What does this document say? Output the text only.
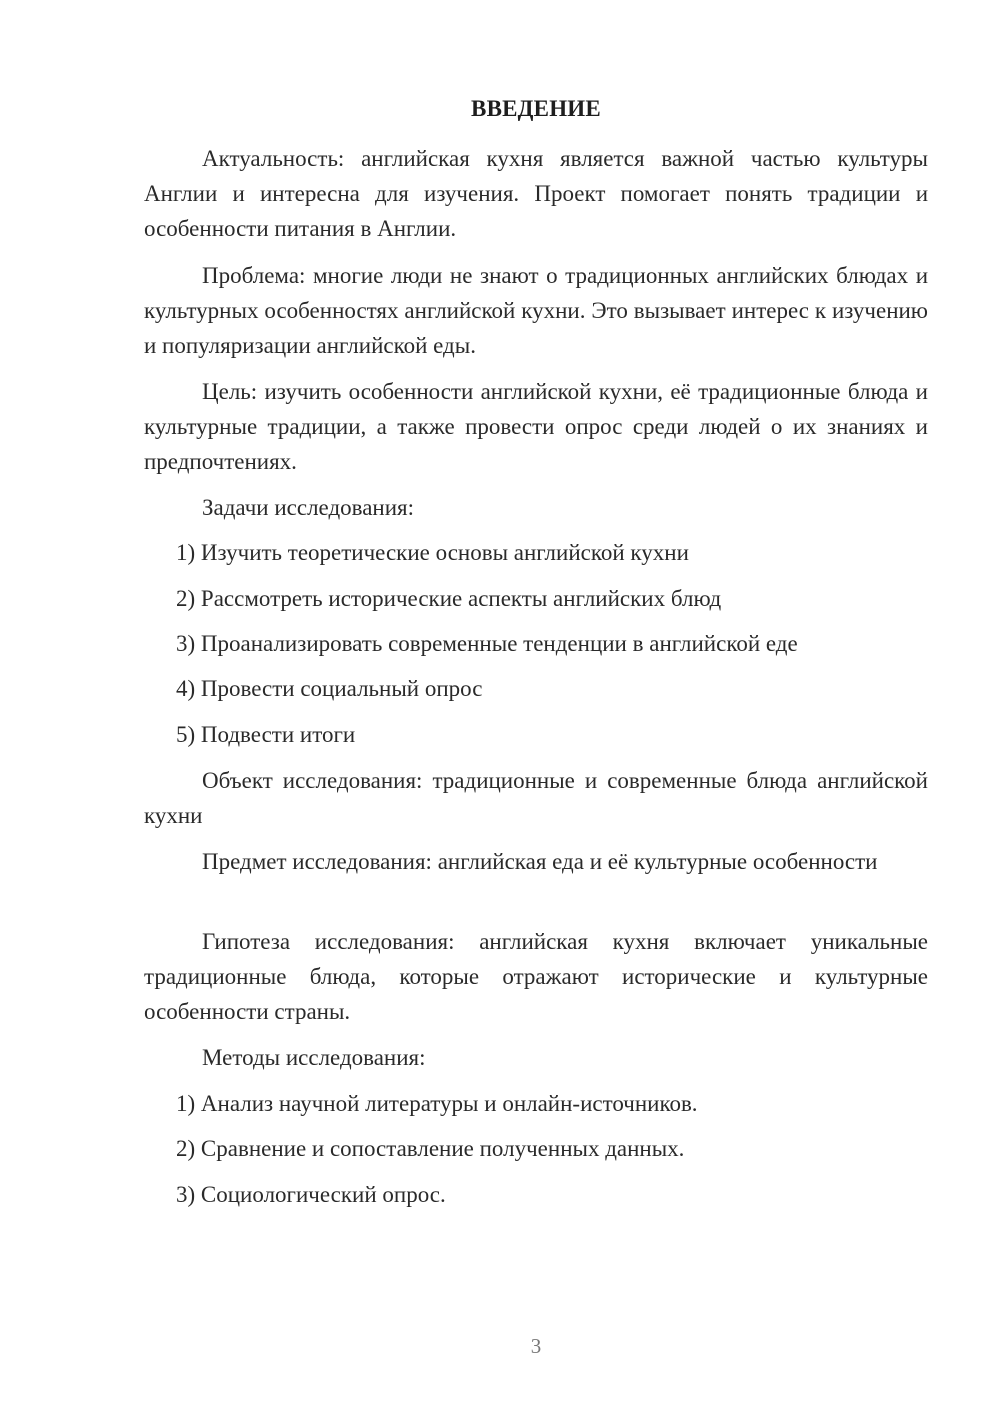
ВВЕДЕНИЕ

Актуальность: английская кухня является важной частью культуры Англии и интересна для изучения. Проект помогает понять традиции и особенности питания в Англии.

Проблема: многие люди не знают о традиционных английских блюдах и культурных особенностях английской кухни. Это вызывает интерес к изучению и популяризации английской еды.

Цель: изучить особенности английской кухни, её традиционные блюда и культурные традиции, а также провести опрос среди людей о их знаниях и предпочтениях.

Задачи исследования:
1) Изучить теоретические основы английской кухни
2) Рассмотреть исторические аспекты английских блюд
3) Проанализировать современные тенденции в английской еде
4) Провести социальный опрос
5) Подвести итоги

Объект исследования: традиционные и современные блюда английской кухни

Предмет исследования: английская еда и её культурные особенности

Гипотеза исследования: английская кухня включает уникальные традиционные блюда, которые отражают исторические и культурные особенности страны.

Методы исследования:
1) Анализ научной литературы и онлайн-источников.
2) Сравнение и сопоставление полученных данных.
3) Социологический опрос.
3
